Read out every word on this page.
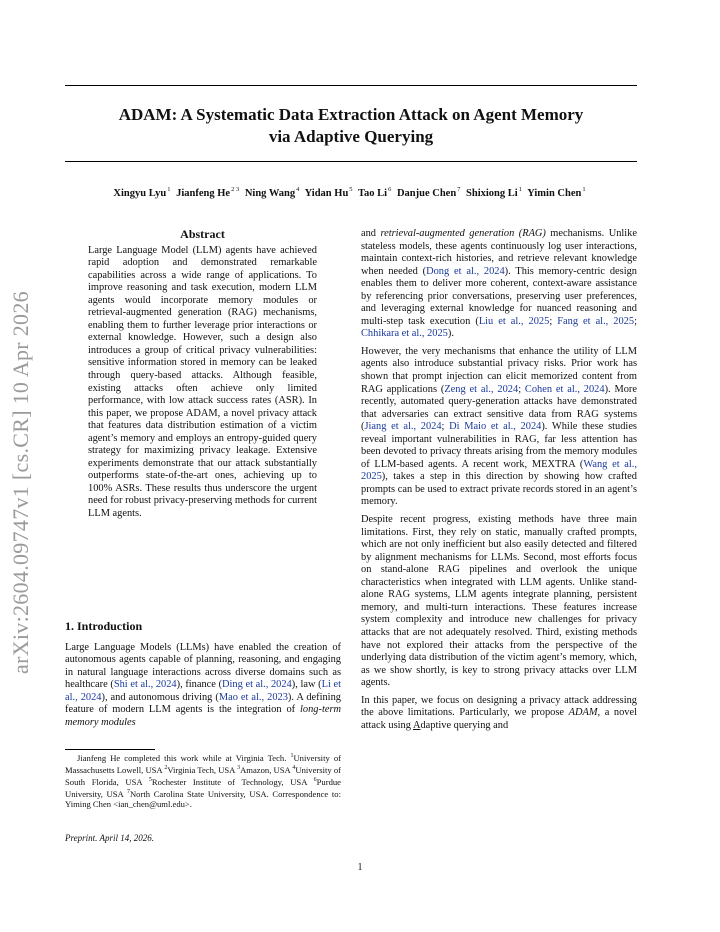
ADAM: A Systematic Data Extraction Attack on Agent Memory
via Adaptive Querying
Xingyu Lyu$^1$ Jianfeng $He^{2 3}$ Ning Wang$^4$ Yidan Hu$^5$ Tao Li$^6$ Danjue Chen$^7$ Shixiong Li$^1$ Yimin Chen$^1$
arXiv:2604.09747v1 [cs.CR] 10 Apr 2026
Abstract

Large Language Model (LLM) agents have achieved rapid adoption and demonstrated remarkable capabilities across a wide range of applications. To improve reasoning and task execution, modern LLM agents would incorporate memory modules or retrieval-augmented generation (RAG) mechanisms, enabling them to further leverage prior interactions or external knowledge. However, such a design also introduces a group of critical privacy vulnerabilities: sensitive information stored in memory can be leaked through query-based attacks. Although feasible, existing attacks often achieve only limited performance, with low attack success rates (ASR). In this paper, we propose ADAM, a novel privacy attack that features data distribution estimation of a victim agent’s memory and employs an entropy-guided query strategy for maximizing privacy leakage. Extensive experiments demonstrate that our attack substantially outperforms state-of-the-art ones, achieving up to 100% ASRs. These results thus underscore the urgent need for robust privacy-preserving methods for current LLM agents.

1. Introduction

Large Language Models (LLMs) have enabled the creation of autonomous agents capable of planning, reasoning, and engaging in natural language interactions across diverse domains such as healthcare (Shi et al., 2024), finance (Ding et al., 2024), law (Li et al., 2024), and autonomous driving (Mao et al., 2023). A defining feature of modern LLM agents is the integration of long-term memory modules

Jianfeng He completed this work while at Virginia Tech. $^1$University of Massachusetts Lowell, USA $^2$Virginia Tech, USA $^3$Amazon, USA $^4$University of South Florida, USA $^5$Rochester Institute of Technology, USA $^6$Purdue University, USA $^7$North Carolina State University, USA. Correspondence to: Yiming Chen <ian_chen@uml.edu>.
Preprint. April 14, 2026.

and retrieval-augmented generation (RAG) mechanisms. Unlike stateless models, these agents continuously log user interactions, maintain context-rich histories, and retrieve relevant knowledge when needed (Dong et al., 2024). This memory-centric design enables them to deliver more coherent, context-aware assistance by referencing prior conversations, preserving user preferences, and leveraging external knowledge for nuanced reasoning and multi-step task execution (Liu et al., 2025; Fang et al., 2025; Chhikara et al., 2025).

However, the very mechanisms that enhance the utility of LLM agents also introduce substantial privacy risks. Prior work has shown that prompt injection can elicit memorized content from RAG applications (Zeng et al., 2024; Cohen et al., 2024). More recently, automated query-generation attacks have demonstrated that adversaries can extract sensitive data from RAG systems (Jiang et al., 2024; Di Maio et al., 2024). While these studies reveal important vulnerabilities in RAG, far less attention has been devoted to privacy threats arising from the memory modules of LLM-based agents. A recent work, MEXTRA (Wang et al., 2025), takes a step in this direction by showing how crafted prompts can be used to extract private records stored in an agent’s memory.

Despite recent progress, existing methods have three main limitations. First, they rely on static, manually crafted prompts, which are not only inefficient but also easily detected and filtered by alignment mechanisms for LLMs. Second, most efforts focus on stand-alone RAG pipelines and overlook the unique characteristics when integrated with LLM agents. Unlike stand-alone RAG systems, LLM agents integrate planning, persistent memory, and multi-turn interactions. These features increase system complexity and introduce new challenges for privacy attacks that are not adequately resolved. Third, existing methods have not explored their attacks from the perspective of the underlying data distribution of the victim agent’s memory, which, as we show shortly, is key to strong privacy attacks over LLM agents.

In this paper, we focus on designing a privacy attack addressing the above limitations. Particularly, we propose ADAM, a novel attack using Adaptive querying and

1
